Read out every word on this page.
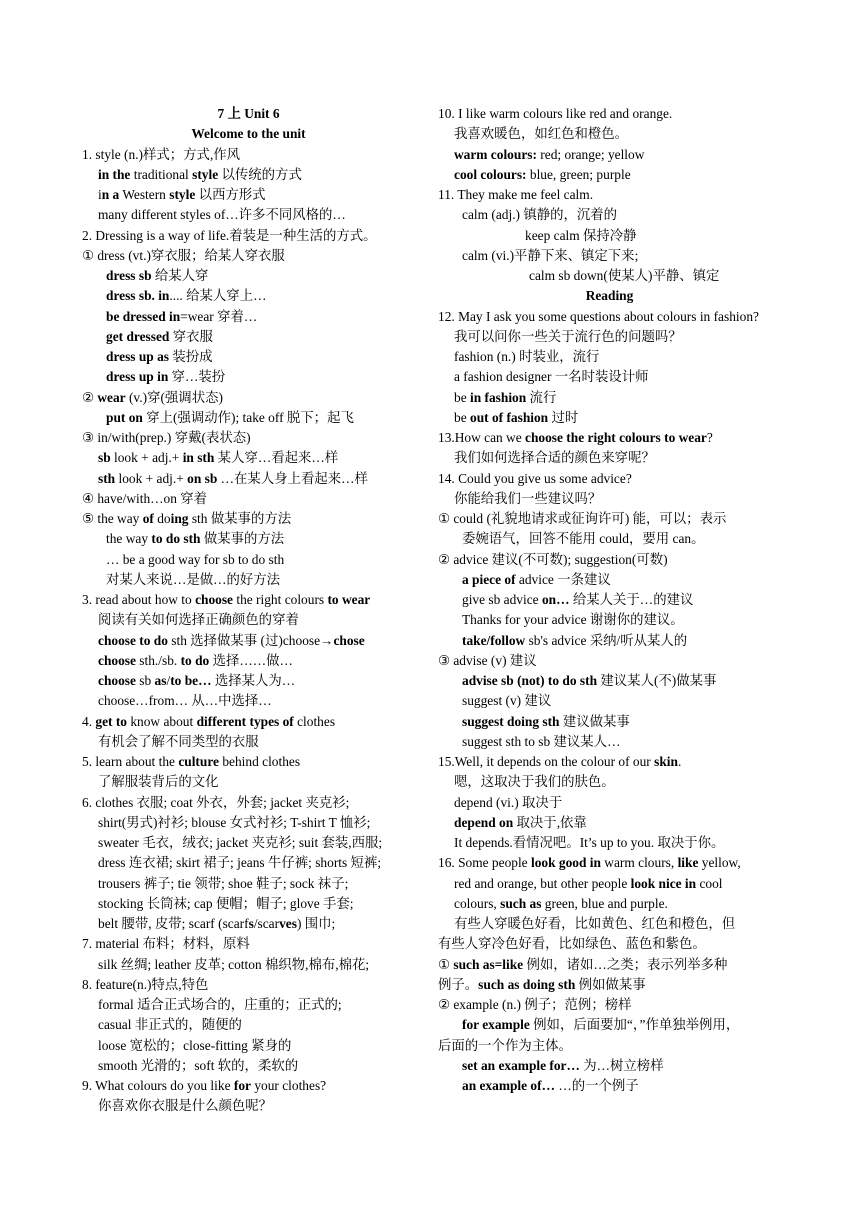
7 上 Unit 6
Welcome to the unit
1. style (n.)样式；方式,作风
in the traditional style 以传统的方式
in a Western style 以西方形式
many different styles of…许多不同风格的…
2. Dressing is a way of life.着装是一种生活的方式。
① dress (vt.)穿衣服；给某人穿衣服
dress sb 给某人穿
dress sb. in.... 给某人穿上…
be dressed in=wear 穿着…
get dressed 穿衣服
dress up as 装扮成
dress up in 穿…装扮
② wear (v.)穿(强调状态)
put on 穿上(强调动作); take off 脱下；起飞
③ in/with(prep.) 穿戴(表状态)
sb look + adj.+ in sth 某人穿…看起来…样
sth look + adj.+ on sb …在某人身上看起来…样
④ have/with…on 穿着
⑤ the way of doing sth 做某事的方法
the way to do sth 做某事的方法
… be a good way for sb to do sth
对某人来说…是做…的好方法
3. read about how to choose the right colours to wear
阅读有关如何选择正确颜色的穿着
choose to do sth 选择做某事 (过)choose→chose
choose sth./sb. to do 选择……做…
choose sb as/to be… 选择某人为…
choose…from… 从…中选择…
4. get to know about different types of clothes
有机会了解不同类型的衣服
5. learn about the culture behind clothes
了解服装背后的文化
6. clothes 衣服; coat 外衣，外套; jacket 夹克衫;
shirt(男式)衬衫; blouse 女式衬衫; T-shirt T 恤衫;
sweater 毛衣，绒衣; jacket 夹克衫; suit 套装,西服;
dress 连衣裙; skirt 裙子; jeans 牛仔裤; shorts 短裤;
trousers 裤子; tie 领带; shoe 鞋子; sock 袜子;
stocking 长筒袜; cap 便帽；帽子; glove 手套;
belt 腰带, 皮带; scarf (scarfs/scarves) 围巾;
7. material 布料；材料，原料
silk 丝绸; leather 皮革; cotton 棉织物,棉布,棉花;
8. feature(n.)特点,特色
formal 适合正式场合的，庄重的；正式的;
casual 非正式的，随便的
loose 宽松的；close-fitting 紧身的
smooth 光滑的；soft 软的，柔软的
9. What colours do you like for your clothes?
你喜欢你衣服是什么颜色呢？
10. I like warm colours like red and orange.
我喜欢暖色，如红色和橙色。
warm colours: red; orange; yellow
cool colours: blue, green; purple
11. They make me feel calm.
calm (adj.) 镇静的，沉着的
keep calm 保持冷静
calm (vi.)平静下来、镇定下来;
calm sb down(使某人)平静、镇定
Reading
12. May I ask you some questions about colours in fashion?
我可以问你一些关于流行色的问题吗？
fashion (n.) 时装业，流行
a fashion designer 一名时装设计师
be in fashion 流行
be out of fashion 过时
13.How can we choose the right colours to wear?
我们如何选择合适的颜色来穿呢？
14. Could you give us some advice?
你能给我们一些建议吗？
① could (礼貌地请求或征询许可) 能，可以；表示
委婉语气，回答不能用 could，要用 can。
② advice 建议(不可数); suggestion(可数)
a piece of advice 一条建议
give sb advice on… 给某人关于…的建议
Thanks for your advice 谢谢你的建议。
take/follow sb's advice 采纳/听从某人的
③ advise (v) 建议
advise sb (not) to do sth 建议某人(不)做某事
suggest (v) 建议
suggest doing sth 建议做某事
suggest sth to sb 建议某人…
15.Well, it depends on the colour of our skin.
嗯，这取决于我们的肤色。
depend (vi.) 取决于
depend on 取决于,依靠
It depends.看情况吧。It’s up to you. 取决于你。
16. Some people look good in warm clours, like yellow,
red and orange, but other people look nice in cool
colours, such as green, blue and purple.
有些人穿暖色好看，比如黄色、红色和橙色，但
有些人穿冷色好看，比如绿色、蓝色和紫色。
① such as=like 例如，诸如…之类；表示列举多种
例子。such as doing sth 例如做某事
② example (n.) 例子；范例；榜样
for example 例如，后面要加“，”作单独举例用，
后面的一个作为主体。
set an example for… 为…树立榜样
an example of… …的一个例子
